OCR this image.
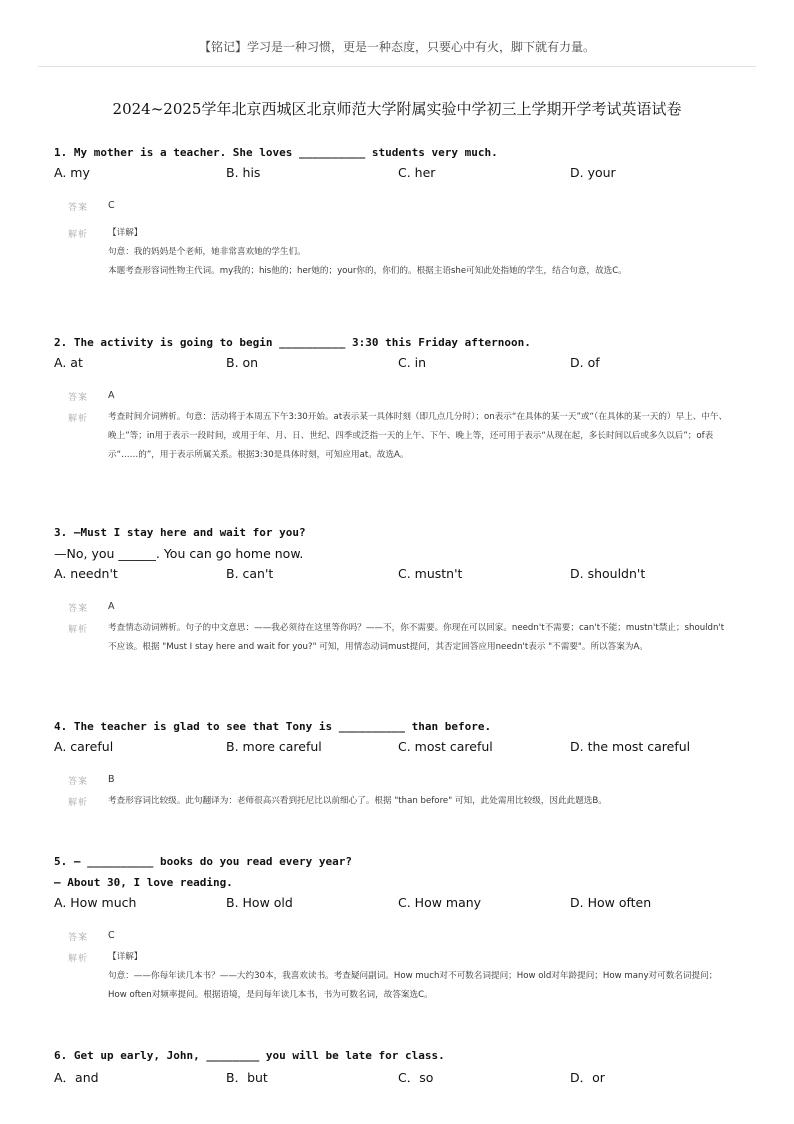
【铭记】学习是一种习惯，更是一种态度，只要心中有火，脚下就有力量。
2024~2025学年北京西城区北京师范大学附属实验中学初三上学期开学考试英语试卷
1. My mother is a teacher. She loves __________ students very much.
A. my	B. his	C. her	D. your
答案 C
解析 【详解】

句意：我的妈妈是个老师，她非常喜欢她的学生们。

本题考查形容词性物主代词。my我的；his他的；her她的；your你的，你们的。根据主语she可知此处指她的学生，结合句意，故选C。

2. The activity is going to begin __________ 3:30 this Friday afternoon.
A. at	B. on	C. in	D. of
答案 A
解析 考查时间介词辨析。句意：活动将于本周五下午3:30开始。at表示某一具体时刻（即几点几分时）；on表示“在具体的某一天”或“（在具体的某一天的）早上、中午、晚上”等；in用于表示一段时间，或用于年、月、日、世纪、四季或泛指一天的上午、下午、晚上等，还可用于表示“从现在起，多长时间以后或多久以后”；of表示“……的”，用于表示所属关系。根据3:30是具体时刻，可知应用at。故选A。

3. —Must I stay here and wait for you?
—No, you ______. You can go home now.
A. needn't	B. can't	C. mustn't	D. shouldn't
答案 A
解析 考查情态动词辨析。句子的中文意思：——我必须待在这里等你吗？——不，你不需要。你现在可以回家。needn't不需要；can't不能；mustn't禁止；shouldn't不应该。根据 "Must I stay here and wait for you?" 可知，用情态动词must提问，其否定回答应用needn't表示 "不需要"。所以答案为A。

4. The teacher is glad to see that Tony is __________ than before.
A. careful	B. more careful	C. most careful	D. the most careful
答案 B
解析 考查形容词比较级。此句翻译为：老师很高兴看到托尼比以前细心了。根据 "than before" 可知，此处需用比较级，因此此题选B。

5. — __________ books do you read every year?
— About 30, I love reading.
A. How much	B. How old	C. How many	D. How often
答案 C
解析 【详解】

句意：——你每年读几本书？——大约30本，我喜欢读书。考查疑问副词。How much对不可数名词提问；How old对年龄提问；How many对可数名词提问；How often对频率提问。根据语境，是问每年读几本书，书为可数名词，故答案选C。

6. Get up early, John, ________ you will be late for class.
A．and	B．but	C．so	D．or
